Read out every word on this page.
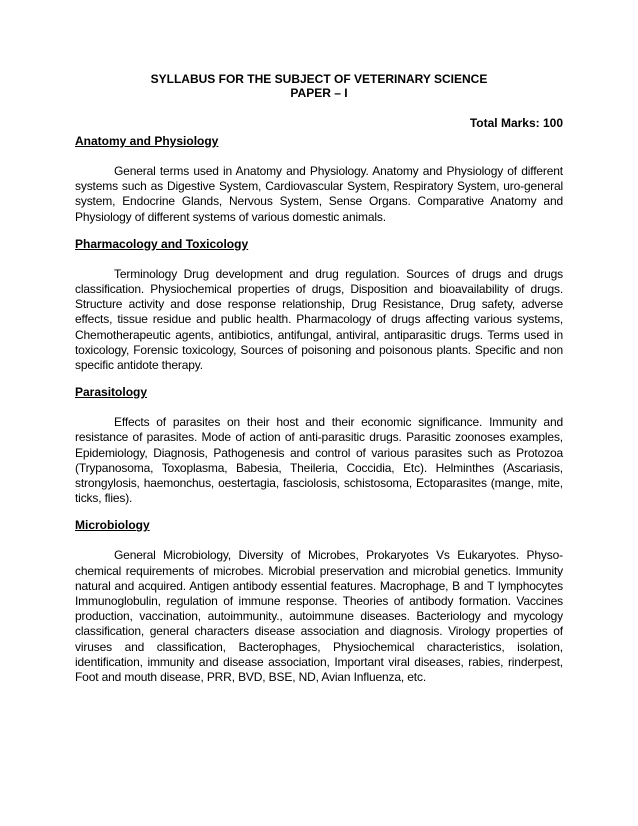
SYLLABUS FOR THE SUBJECT OF VETERINARY SCIENCE

PAPER – I

Total Marks: 100
Anatomy and Physiology

General terms used in Anatomy and Physiology. Anatomy and Physiology of different systems such as Digestive System, Cardiovascular System, Respiratory System, uro-general system, Endocrine Glands, Nervous System, Sense Organs. Comparative Anatomy and Physiology of different systems of various domestic animals.

Pharmacology and Toxicology

Terminology Drug development and drug regulation. Sources of drugs and drugs classification. Physiochemical properties of drugs, Disposition and bioavailability of drugs. Structure activity and dose response relationship, Drug Resistance, Drug safety, adverse effects, tissue residue and public health. Pharmacology of drugs affecting various systems, Chemotherapeutic agents, antibiotics, antifungal, antiviral, antiparasitic drugs. Terms used in toxicology, Forensic toxicology, Sources of poisoning and poisonous plants. Specific and non specific antidote therapy.

Parasitology

Effects of parasites on their host and their economic significance. Immunity and resistance of parasites. Mode of action of anti-parasitic drugs. Parasitic zoonoses examples, Epidemiology, Diagnosis, Pathogenesis and control of various parasites such as Protozoa (Trypanosoma, Toxoplasma, Babesia, Theileria, Coccidia, Etc). Helminthes (Ascariasis, strongylosis, haemonchus, oestertagia, fasciolosis, schistosoma, Ectoparasites (mange, mite, ticks, flies).

Microbiology

General Microbiology, Diversity of Microbes, Prokaryotes Vs Eukaryotes. Physo-chemical requirements of microbes. Microbial preservation and microbial genetics. Immunity natural and acquired. Antigen antibody essential features. Macrophage, B and T lymphocytes Immunoglobulin, regulation of immune response. Theories of antibody formation. Vaccines production, vaccination, autoimmunity., autoimmune diseases. Bacteriology and mycology classification, general characters disease association and diagnosis. Virology properties of viruses and classification, Bacterophages, Physiochemical characteristics, isolation, identification, immunity and disease association, Important viral diseases, rabies, rinderpest, Foot and mouth disease, PRR, BVD, BSE, ND, Avian Influenza, etc.
